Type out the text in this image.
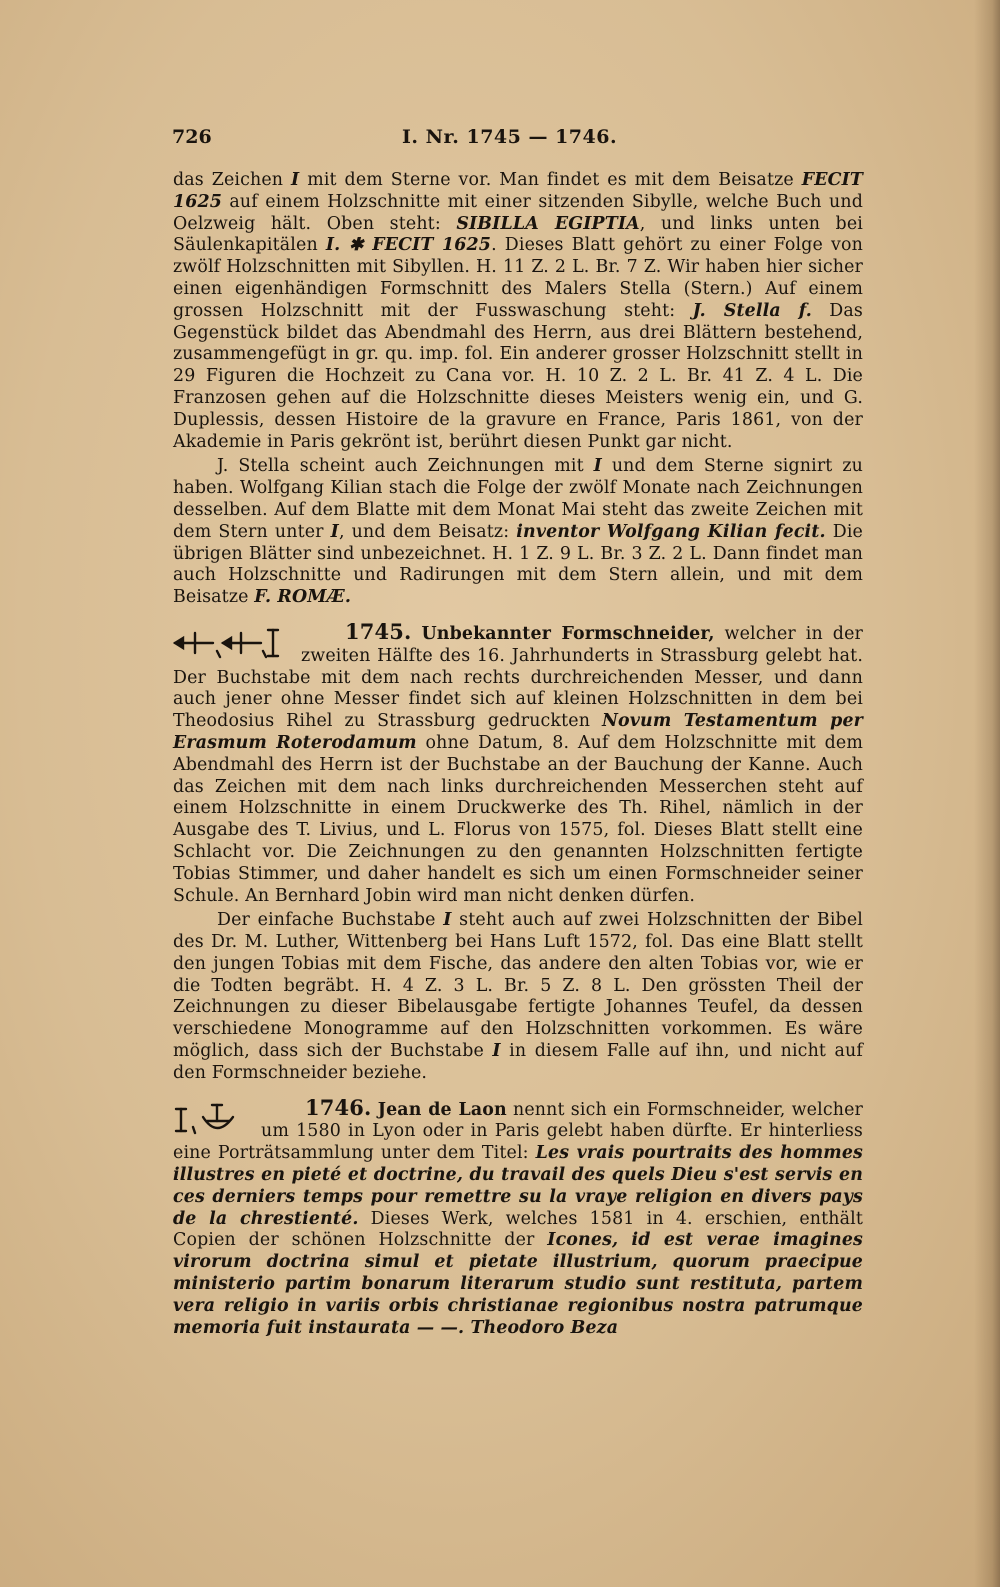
726	I. Nr. 1745 — 1746.

das Zeichen I mit dem Sterne vor. Man findet es mit dem Beisatze FECIT 1625 auf einem Holzschnitte mit einer sitzenden Sibylle, welche Buch und Oelzweig hält. Oben steht: SIBILLA EGIPTIA, und links unten bei Säulenkapitälen I. ✱ FECIT 1625. Dieses Blatt gehört zu einer Folge von zwölf Holzschnitten mit Sibyllen. H. 11 Z. 2 L. Br. 7 Z. Wir haben hier sicher einen eigenhändigen Formschnitt des Malers Stella (Stern.) Auf einem grossen Holzschnitt mit der Fusswaschung steht: J. Stella f. Das Gegenstück bildet das Abendmahl des Herrn, aus drei Blättern bestehend, zusammengefügt in gr. qu. imp. fol. Ein anderer grosser Holzschnitt stellt in 29 Figuren die Hochzeit zu Cana vor. H. 10 Z. 2 L. Br. 41 Z. 4 L. Die Franzosen gehen auf die Holzschnitte dieses Meisters wenig ein, und G. Duplessis, dessen Histoire de la gravure en France, Paris 1861, von der Akademie in Paris gekrönt ist, berührt diesen Punkt gar nicht.

J. Stella scheint auch Zeichnungen mit I und dem Sterne signirt zu haben. Wolfgang Kilian stach die Folge der zwölf Monate nach Zeichnungen desselben. Auf dem Blatte mit dem Monat Mai steht das zweite Zeichen mit dem Stern unter I, und dem Beisatz: inventor Wolfgang Kilian fecit. Die übrigen Blätter sind unbezeichnet. H. 1 Z. 9 L. Br. 3 Z. 2 L. Dann findet man auch Holzschnitte und Radirungen mit dem Stern allein, und mit dem Beisatze F. ROMÆ.

1745. Unbekannter Formschneider,
welcher in der zweiten Hälfte des 16. Jahrhunderts in Strassburg gelebt hat. Der Buchstabe mit dem nach rechts durchreichenden Messer, und dann auch jener ohne Messer findet sich auf kleinen Holzschnitten in dem bei Theodosius Rihel zu Strassburg gedruckten Novum Testamentum per Erasmum Roterodamum ohne Datum, 8. Auf dem Holzschnitte mit dem Abendmahl des Herrn ist der Buchstabe an der Bauchung der Kanne. Auch das Zeichen mit dem nach links durchreichenden Messerchen steht auf einem Holzschnitte in einem Druckwerke des Th. Rihel, nämlich in der Ausgabe des T. Livius, und L. Florus von 1575, fol. Dieses Blatt stellt eine Schlacht vor. Die Zeichnungen zu den genannten Holzschnitten fertigte Tobias Stimmer, und daher handelt es sich um einen Formschneider seiner Schule. An Bernhard Jobin wird man nicht denken dürfen.

Der einfache Buchstabe I steht auch auf zwei Holzschnitten der Bibel des Dr. M. Luther, Wittenberg bei Hans Luft 1572, fol. Das eine Blatt stellt den jungen Tobias mit dem Fische, das andere den alten Tobias vor, wie er die Todten begräbt. H. 4 Z. 3 L. Br. 5 Z. 8 L. Den grössten Theil der Zeichnungen zu dieser Bibelausgabe fertigte Johannes Teufel, da dessen verschiedene Monogramme auf den Holzschnitten vorkommen. Es wäre möglich, dass sich der Buchstabe I in diesem Falle auf ihn, und nicht auf den Formschneider beziehe.

1746. Jean de Laon
nennt sich ein Formschneider, welcher um 1580 in Lyon oder in Paris gelebt haben dürfte. Er hinterliess eine Porträtsammlung unter dem Titel: Les vrais pourtraits des hommes illustres en pieté et doctrine, du travail des quels Dieu s'est servis en ces derniers temps pour remettre su la vraye religion en divers pays de la chrestienté. Dieses Werk, welches 1581 in 4. erschien, enthält Copien der schönen Holzschnitte der Icones, id est verae imagines virorum doctrina simul et pietate illustrium, quorum praecipue ministerio partim bonarum literarum studio sunt restituta, partem vera religio in variis orbis christianae regionibus nostra patrumque memoria fuit instaurata — —. Theodoro Beza
